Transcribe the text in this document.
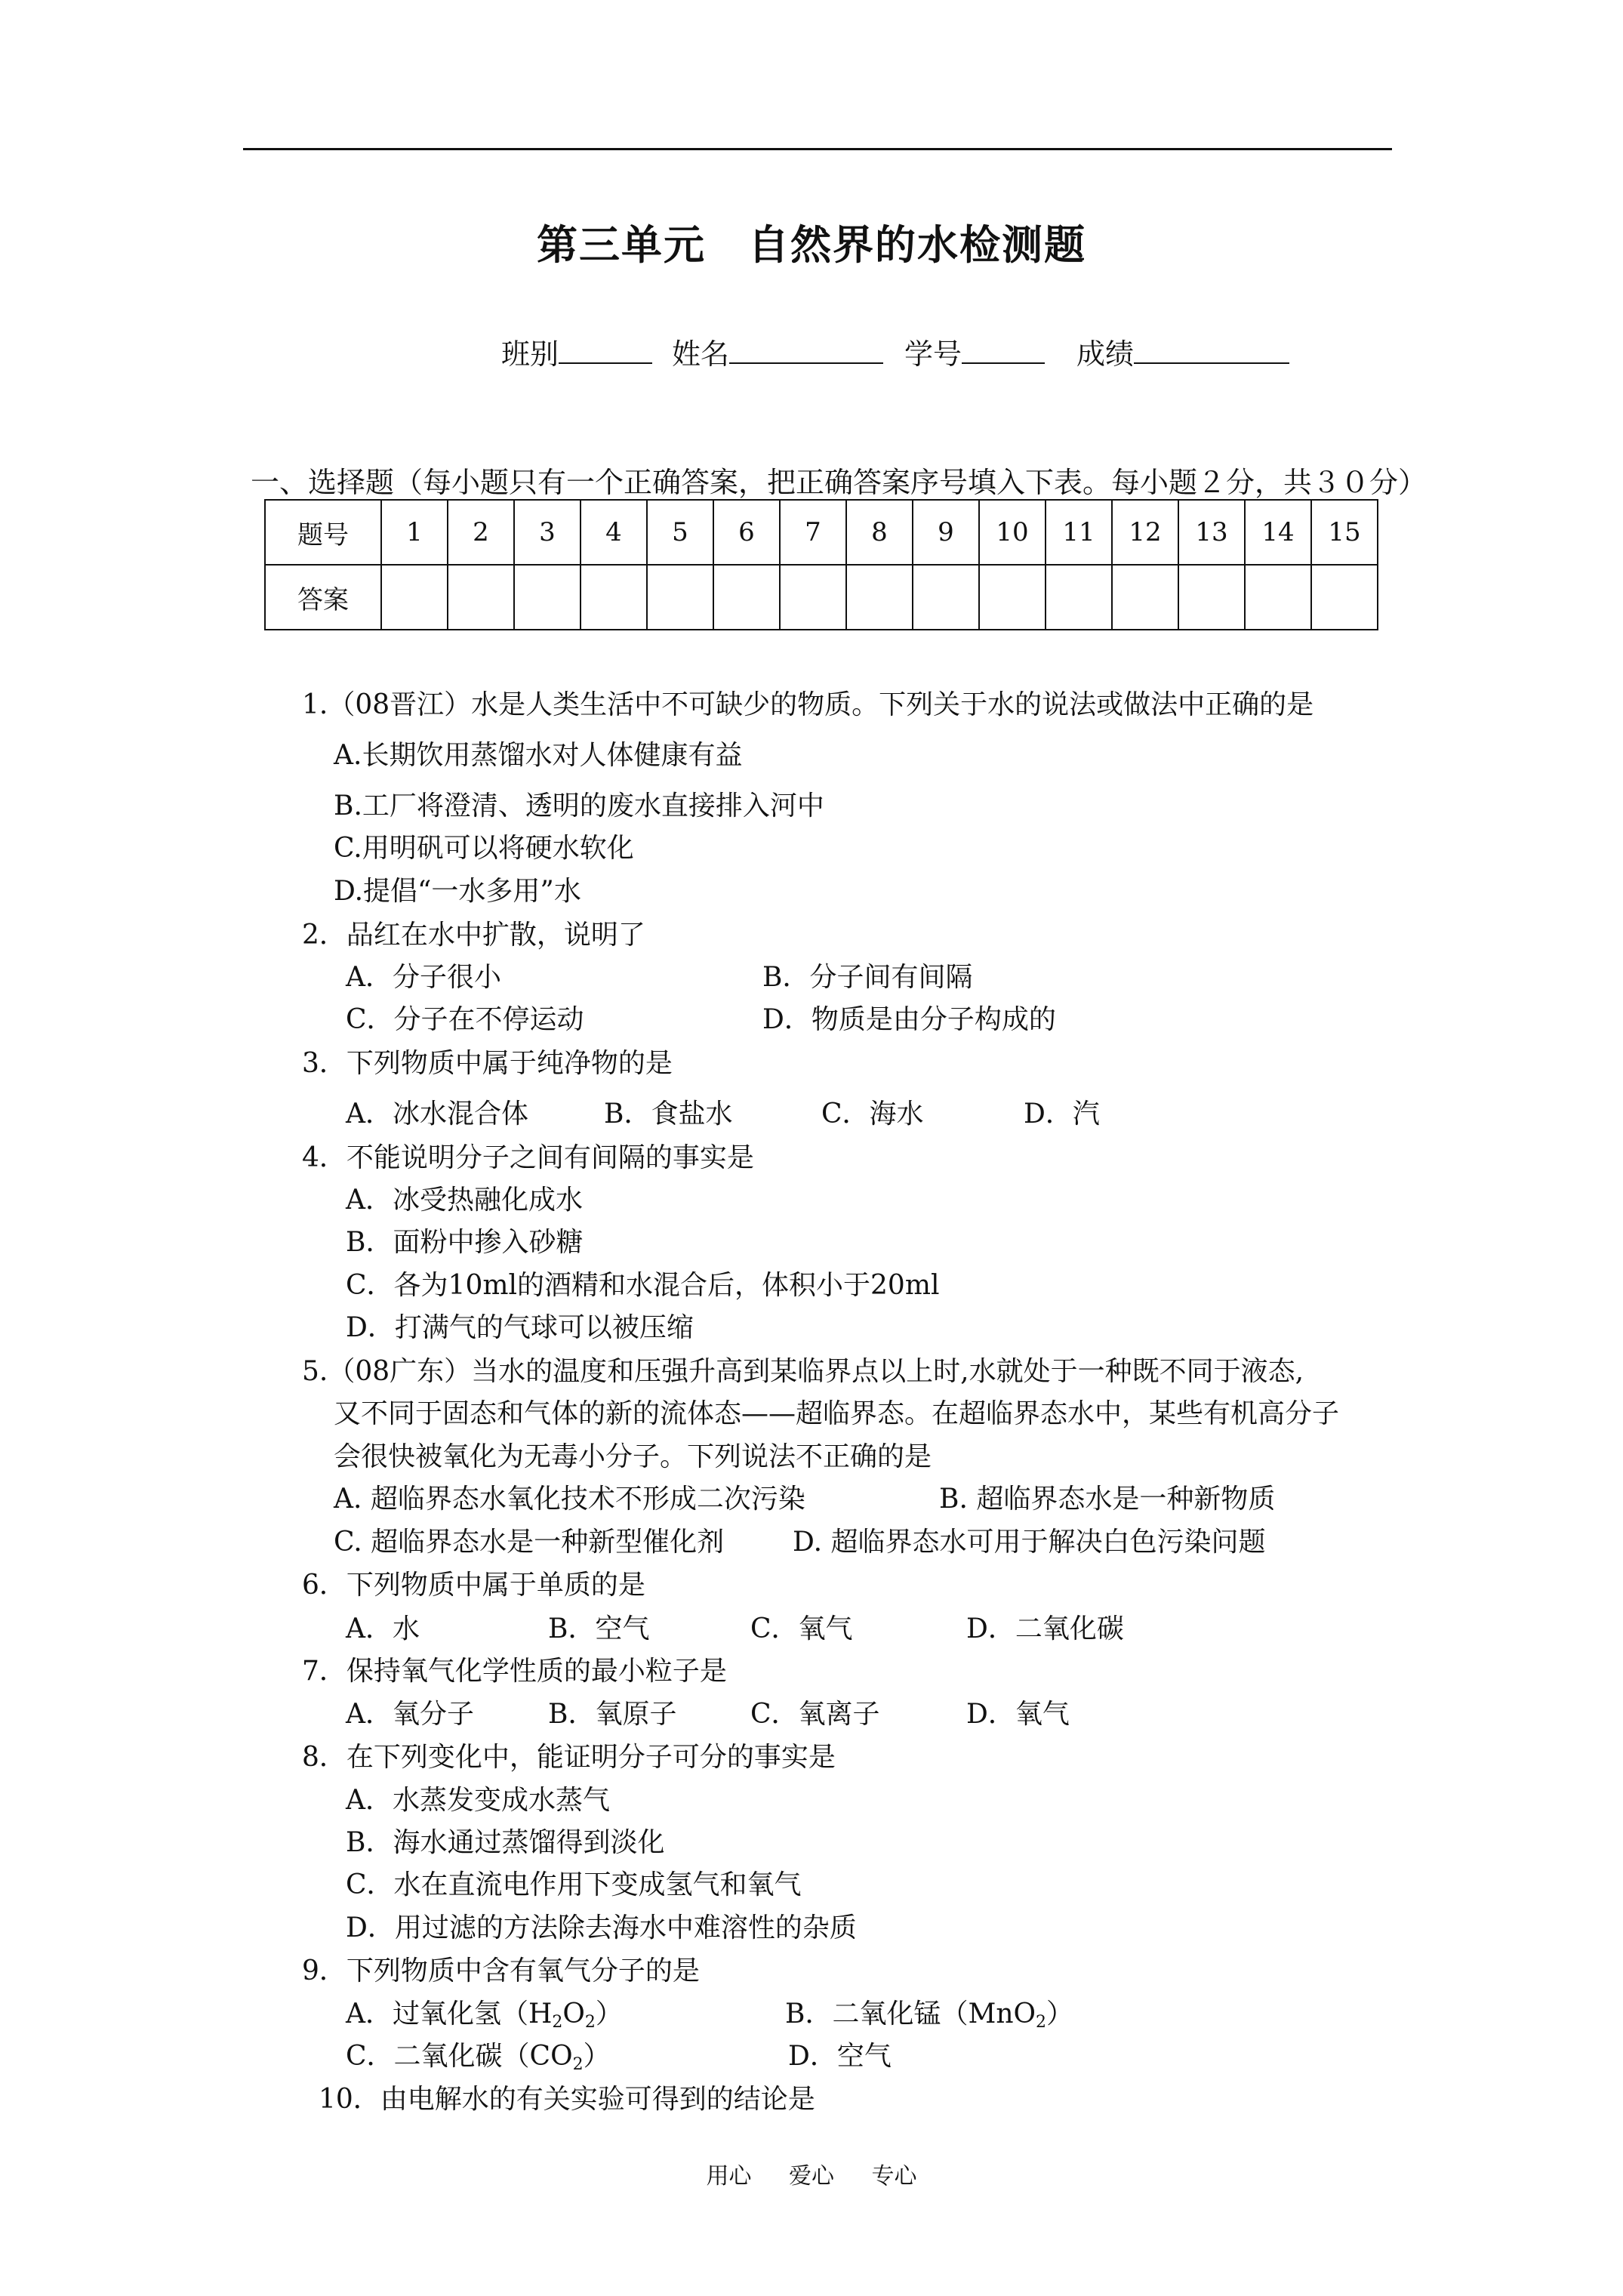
第三单元　自然界的水检测题
班别	姓名	学号	成绩
一、选择题（每小题只有一个正确答案，把正确答案序号填入下表。每小题２分，共３０分）
题号	1	2	3	4	5	6	7	8	9	10	11	12	13	14	15
答案															
1.（08晋江）水是人类生活中不可缺少的物质。下列关于水的说法或做法中正确的是
A.长期饮用蒸馏水对人体健康有益
B.工厂将澄清、透明的废水直接排入河中
C.用明矾可以将硬水软化
D.提倡“一水多用”水
2．品红在水中扩散，说明了
A．分子很小	B．分子间有间隔
C．分子在不停运动	D．物质是由分子构成的
3．下列物质中属于纯净物的是
A．冰水混合体	B．食盐水	C．海水	D．汽
4．不能说明分子之间有间隔的事实是
A．冰受热融化成水
B．面粉中掺入砂糖
C．各为10ml的酒精和水混合后，体积小于20ml
D．打满气的气球可以被压缩
5.（08广东）当水的温度和压强升高到某临界点以上时,水就处于一种既不同于液态,
又不同于固态和气体的新的流体态——超临界态。在超临界态水中，某些有机高分子
会很快被氧化为无毒小分子。下列说法不正确的是
A. 超临界态水氧化技术不形成二次污染	B. 超临界态水是一种新物质
C. 超临界态水是一种新型催化剂	D. 超临界态水可用于解决白色污染问题
6．下列物质中属于单质的是
A．水	B．空气	C．氧气	D．二氧化碳
7．保持氧气化学性质的最小粒子是
A．氧分子	B．氧原子	C．氧离子	D．氧气
8．在下列变化中，能证明分子可分的事实是
A．水蒸发变成水蒸气
B．海水通过蒸馏得到淡化
C．水在直流电作用下变成氢气和氧气
D．用过滤的方法除去海水中难溶性的杂质
9．下列物质中含有氧气分子的是
A．过氧化氢$(H_2O_2)$	B．二氧化锰（MnO$_2$）
C．二氧化碳$(CO_2)$	D．空气
10．由电解水的有关实验可得到的结论是
用心 爱心 专心
